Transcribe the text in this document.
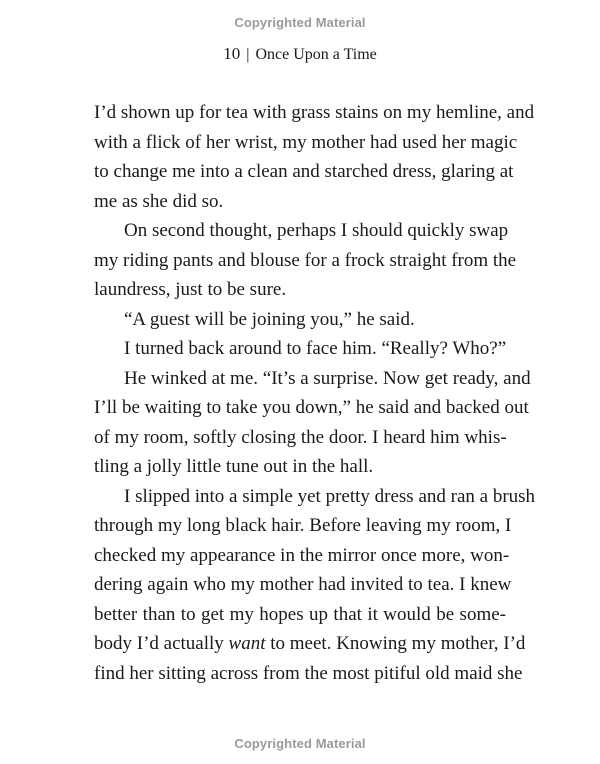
Copyrighted Material
10 | Once Upon a Time
I’d shown up for tea with grass stains on my hemline, and
with a flick of her wrist, my mother had used her magic
to change me into a clean and starched dress, glaring at
me as she did so.
On second thought, perhaps I should quickly swap
my riding pants and blouse for a frock straight from the
laundress, just to be sure.
“A guest will be joining you,” he said.
I turned back around to face him. “Really? Who?”
He winked at me. “It’s a surprise. Now get ready, and
I’ll be waiting to take you down,” he said and backed out
of my room, softly closing the door. I heard him whis-
tling a jolly little tune out in the hall.
I slipped into a simple yet pretty dress and ran a brush
through my long black hair. Before leaving my room, I
checked my appearance in the mirror once more, won-
dering again who my mother had invited to tea. I knew
better than to get my hopes up that it would be some-
body I’d actually want to meet. Knowing my mother, I’d
find her sitting across from the most pitiful old maid she
Copyrighted Material
